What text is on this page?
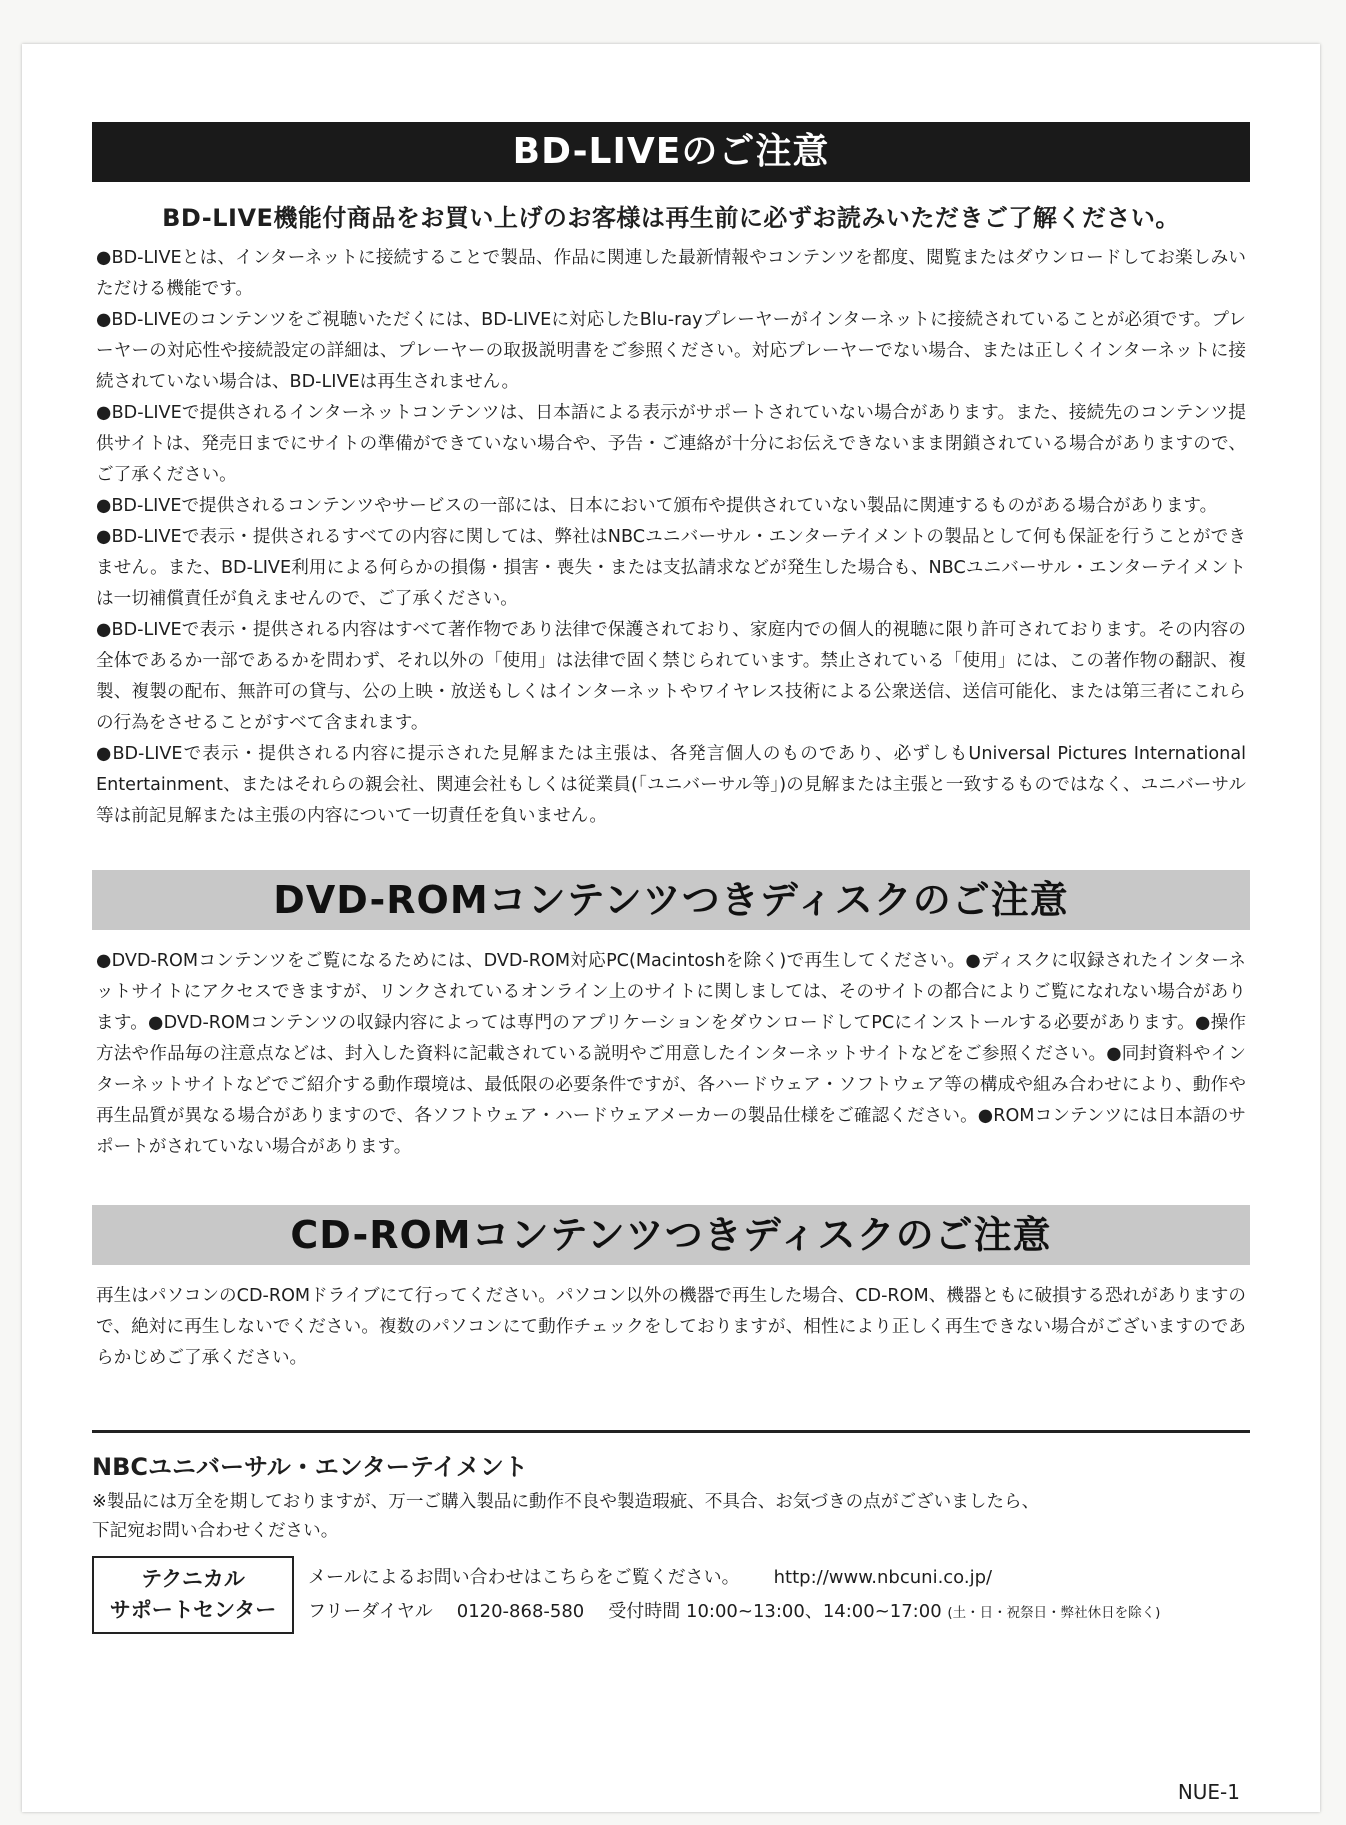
BD-LIVEのご注意
BD-LIVE機能付商品をお買い上げのお客様は再生前に必ずお読みいただきご了解ください。

●BD-LIVEとは、インターネットに接続することで製品、作品に関連した最新情報やコンテンツを都度、閲覧またはダウンロードしてお楽しみいただける機能です。

●BD-LIVEのコンテンツをご視聴いただくには、BD-LIVEに対応したBlu-rayプレーヤーがインターネットに接続されていることが必須です。プレーヤーの対応性や接続設定の詳細は、プレーヤーの取扱説明書をご参照ください。対応プレーヤーでない場合、または正しくインターネットに接続されていない場合は、BD-LIVEは再生されません。

●BD-LIVEで提供されるインターネットコンテンツは、日本語による表示がサポートされていない場合があります。また、接続先のコンテンツ提供サイトは、発売日までにサイトの準備ができていない場合や、予告・ご連絡が十分にお伝えできないまま閉鎖されている場合がありますので、ご了承ください。

●BD-LIVEで提供されるコンテンツやサービスの一部には、日本において頒布や提供されていない製品に関連するものがある場合があります。

●BD-LIVEで表示・提供されるすべての内容に関しては、弊社はNBCユニバーサル・エンターテイメントの製品として何も保証を行うことができません。また、BD-LIVE利用による何らかの損傷・損害・喪失・または支払請求などが発生した場合も、NBCユニバーサル・エンターテイメントは一切補償責任が負えませんので、ご了承ください。

●BD-LIVEで表示・提供される内容はすべて著作物であり法律で保護されており、家庭内での個人的視聴に限り許可されております。その内容の全体であるか一部であるかを問わず、それ以外の「使用」は法律で固く禁じられています。禁止されている「使用」には、この著作物の翻訳、複製、複製の配布、無許可の貸与、公の上映・放送もしくはインターネットやワイヤレス技術による公衆送信、送信可能化、または第三者にこれらの行為をさせることがすべて含まれます。

●BD-LIVEで表示・提供される内容に提示された見解または主張は、各発言個人のものであり、必ずしもUniversal Pictures International Entertainment、またはそれらの親会社、関連会社もしくは従業員(「ユニバーサル等」)の見解または主張と一致するものではなく、ユニバーサル等は前記見解または主張の内容について一切責任を負いません。

DVD-ROMコンテンツつきディスクのご注意

●DVD-ROMコンテンツをご覧になるためには、DVD-ROM対応PC(Macintoshを除く)で再生してください。●ディスクに収録されたインターネットサイトにアクセスできますが、リンクされているオンライン上のサイトに関しましては、そのサイトの都合によりご覧になれない場合があります。●DVD-ROMコンテンツの収録内容によっては専門のアプリケーションをダウンロードしてPCにインストールする必要があります。●操作方法や作品毎の注意点などは、封入した資料に記載されている説明やご用意したインターネットサイトなどをご参照ください。●同封資料やインターネットサイトなどでご紹介する動作環境は、最低限の必要条件ですが、各ハードウェア・ソフトウェア等の構成や組み合わせにより、動作や再生品質が異なる場合がありますので、各ソフトウェア・ハードウェアメーカーの製品仕様をご確認ください。●ROMコンテンツには日本語のサポートがされていない場合があります。

CD-ROMコンテンツつきディスクのご注意

再生はパソコンのCD-ROMドライブにて行ってください。パソコン以外の機器で再生した場合、CD-ROM、機器ともに破損する恐れがありますので、絶対に再生しないでください。複数のパソコンにて動作チェックをしておりますが、相性により正しく再生できない場合がございますのであらかじめご了承ください。

NBCユニバーサル・エンターテイメント

※製品には万全を期しておりますが、万一ご購入製品に動作不良や製造瑕疵、不具合、お気づきの点がございましたら、

下記宛お問い合わせください。

テクニカル
サポートセンター
メールによるお問い合わせはこちらをご覧ください。 http://www.nbcuni.co.jp/
フリーダイヤル 0120-868-580 受付時間 10:00~13:00、14:00~17:00 (土・日・祝祭日・弊社休日を除く)
NUE-1
